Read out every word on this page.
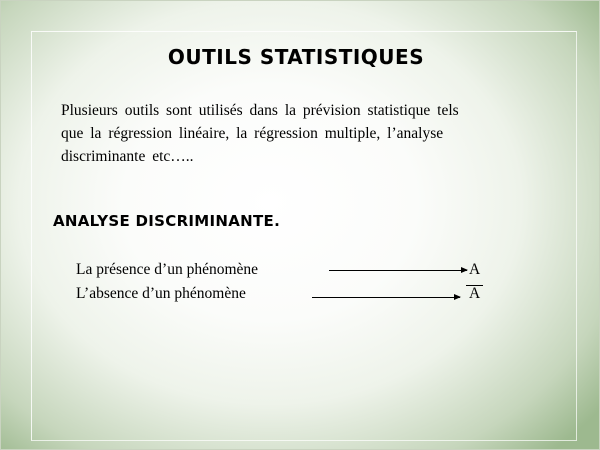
OUTILS STATISTIQUES
Plusieurs outils sont utilisés dans la prévision statistique tels
que la régression linéaire, la régression multiple, l’analyse
discriminante etc…..
ANALYSE DISCRIMINANTE.
La présence d’un phénomène	A
L’absence d’un phénomène	A
